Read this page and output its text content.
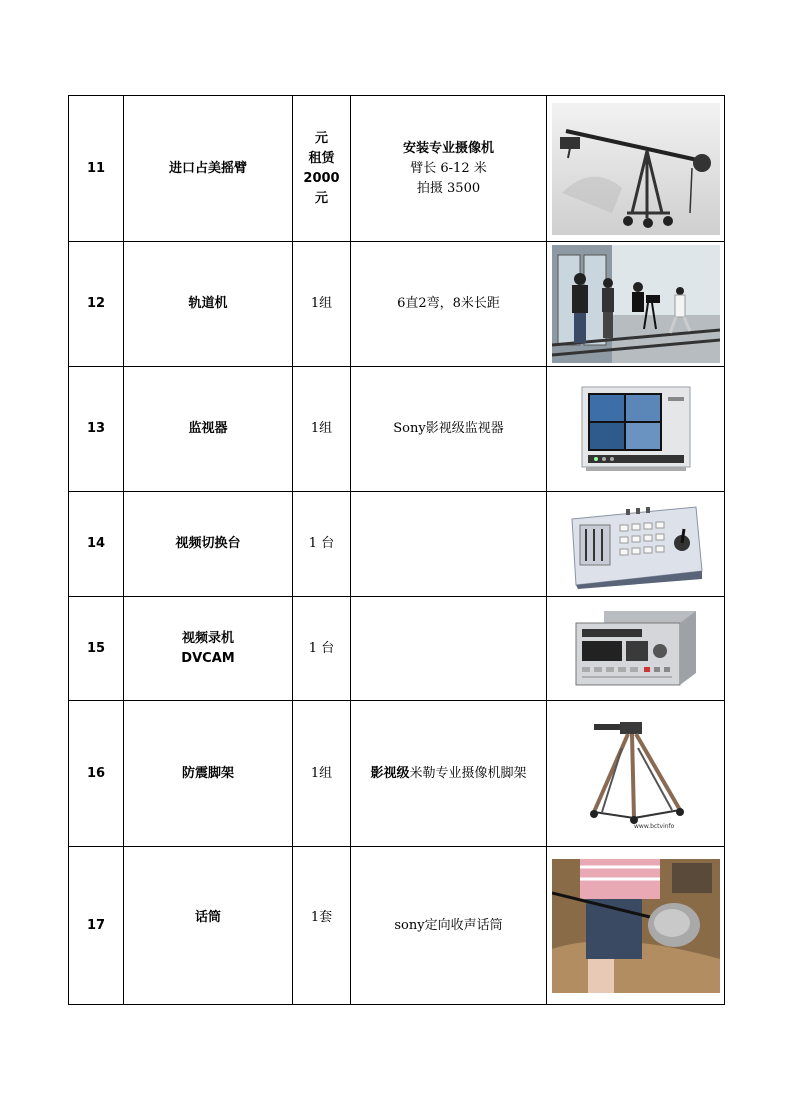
11	进口占美摇臂	元
租赁
2000
元	安装专业摄像机
臂长 6-12 米
拍摄 3500

12	轨道机	1组	6直2弯，8米长距	

13	监视器	1组	Sony影视级监视器	

14	视频切换台	1 台		

15	视频录机
DVCAM	1 台		

16	防震脚架	1组	影视级米勒专业摄像机脚架	www.bctvinfo

17	话筒	1套	sony定向收声话筒	
